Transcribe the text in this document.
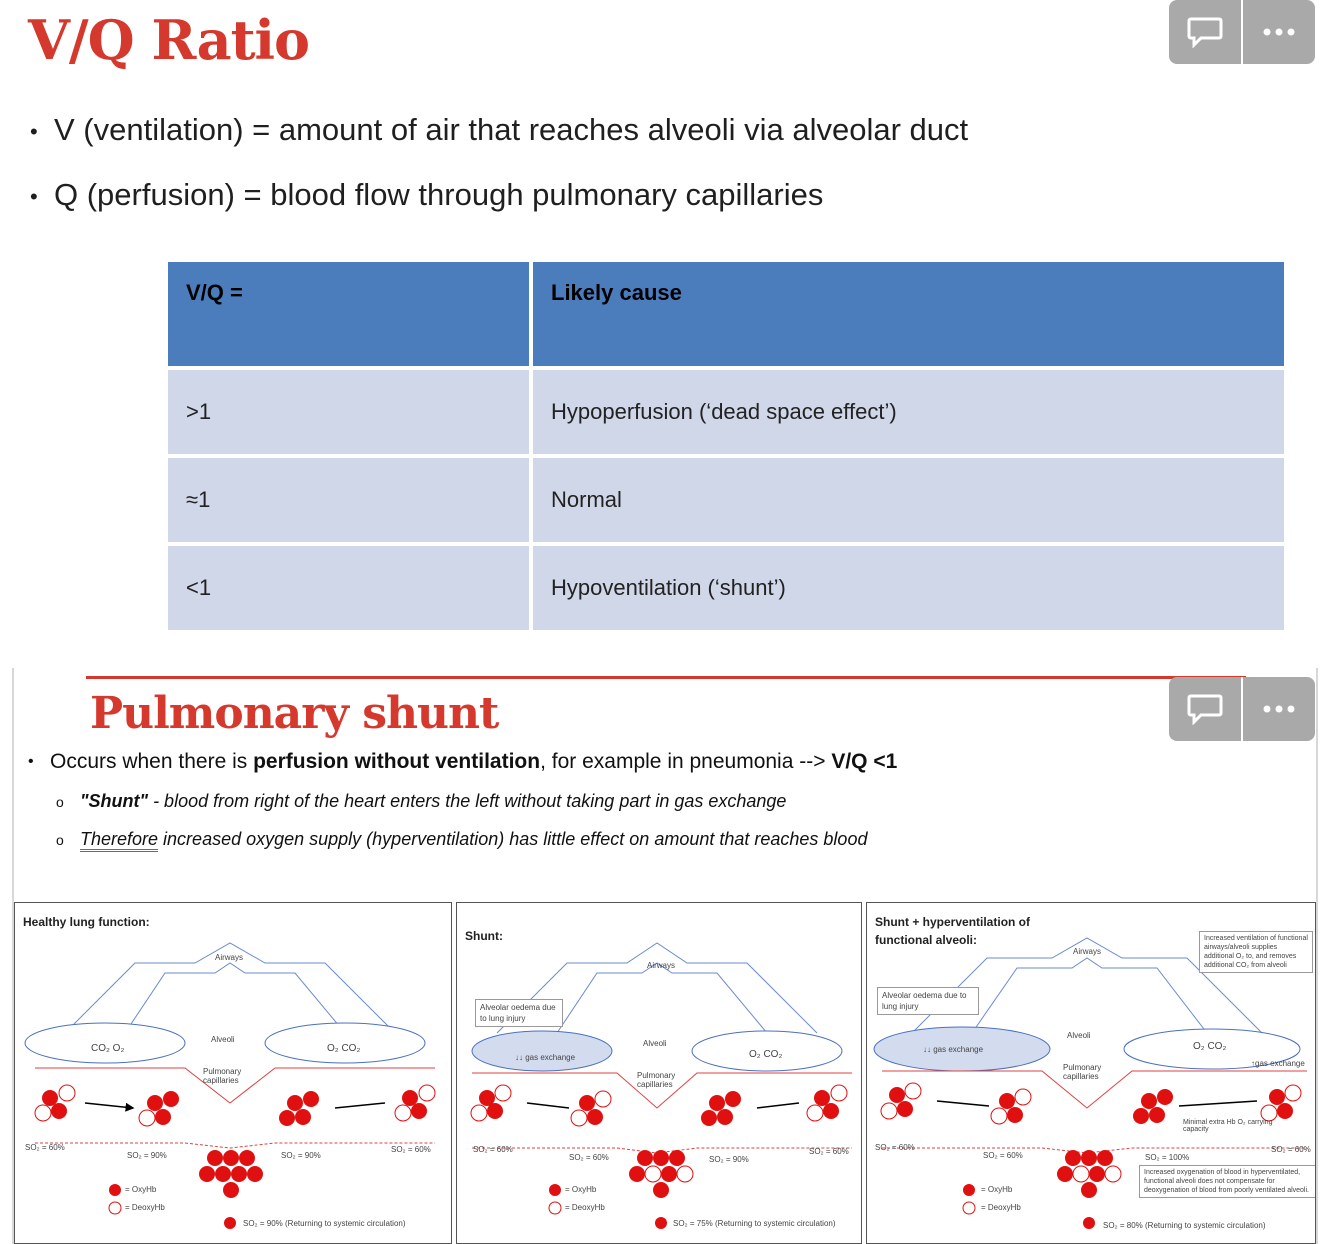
V/Q Ratio
• V (ventilation) = amount of air that reaches alveoli via alveolar duct
• Q (perfusion) = blood flow through pulmonary capillaries
V/Q =	Likely cause
>1	Hypoperfusion (‘dead space effect’)
≈1	Normal
<1	Hypoventilation (‘shunt’)
Pulmonary shunt
• Occurs when there is perfusion without ventilation, for example in pneumonia --> V/Q <1
o "Shunt" - blood from right of the heart enters the left without taking part in gas exchange
o Therefore increased oxygen supply (hyperventilation) has little effect on amount that reaches blood
Healthy lung function:
Airways
Alveoli
Pulmonary capillaries
CO₂ O₂	O₂ CO₂
SO₂ = 60%
SO₂ = 90%	SO₂ = 90%
SO₂ = 60%
= OxyHb
= DeoxyHb
SO₂ = 90% (Returning to systemic circulation)
Shunt:
Alveolar oedema due to lung injury
↓↓ gas exchange
Airways
Alveoli
Pulmonary capillaries
O₂ CO₂
SO₂ = 60%
SO₂ = 60%	SO₂ = 90%
SO₂ = 60%
= OxyHb
= DeoxyHb
SO₂ = 75% (Returning to systemic circulation)
Shunt + hyperventilation of functional alveoli:	Increased ventilation of functional airways/alveoli supplies additional O₂ to, and removes additional CO₂ from alveoli
Alveolar oedema due to lung injury
↓↓ gas exchange
Airways
Alveoli
Pulmonary capillaries
O₂ CO₂
↑gas exchange
Minimal extra Hb O₂ carrying capacity
SO₂ = 60%
SO₂ = 60%	SO₂ = 100%
SO₂ = 60%
Increased oxygenation of blood in hyperventilated, functional alveoli does not compensate for deoxygenation of blood from poorly ventilated alveoli.
= OxyHb
= DeoxyHb
SO₂ = 80% (Returning to systemic circulation)
